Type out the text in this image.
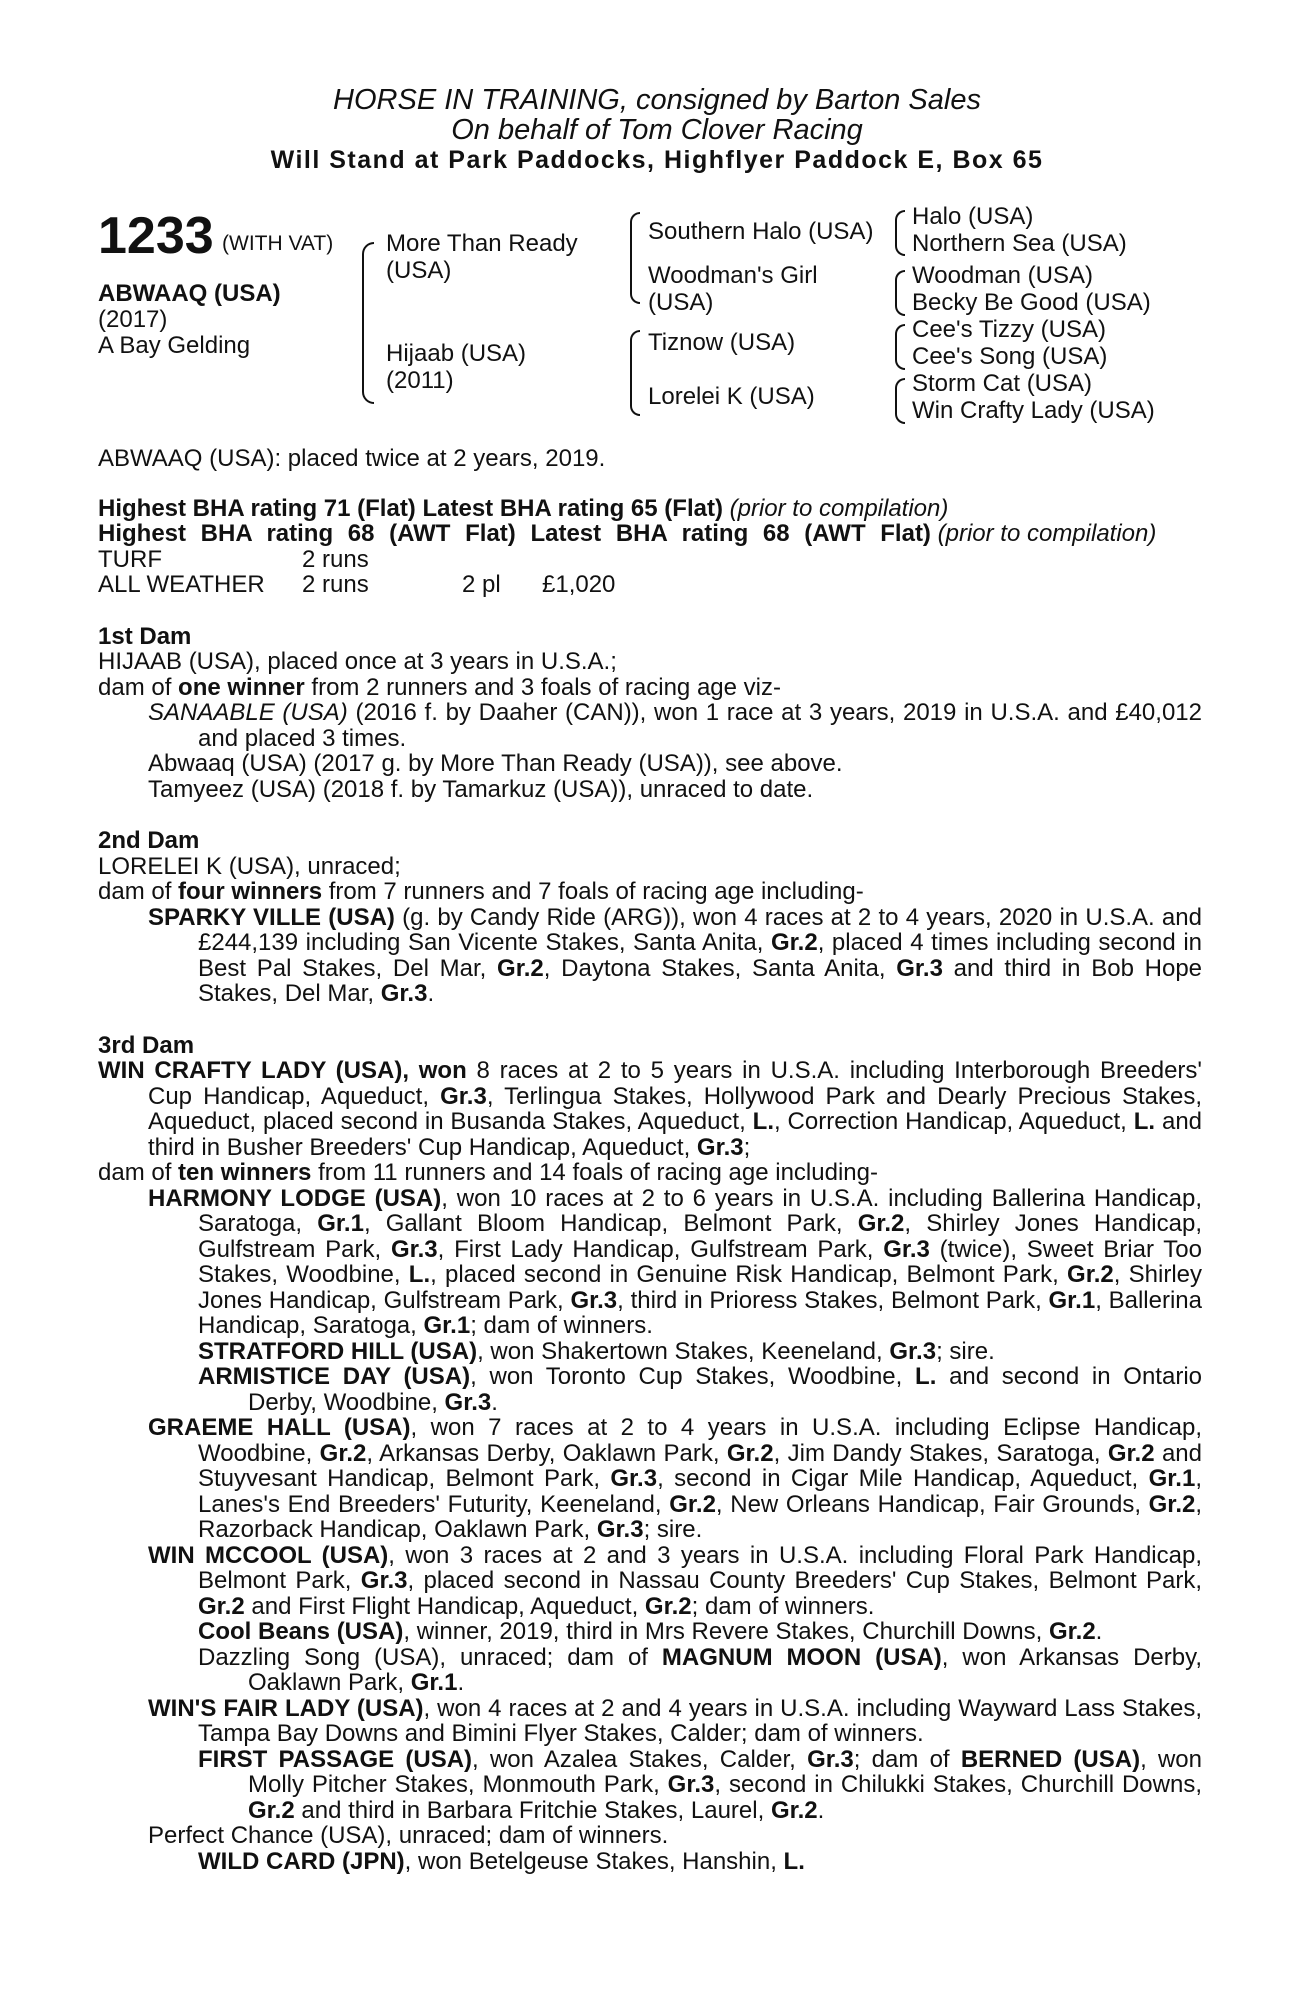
HORSE IN TRAINING, consigned by Barton Sales
On behalf of Tom Clover Racing
Will Stand at Park Paddocks, Highflyer Paddock E, Box 65
1233 (WITH VAT)
ABWAAQ (USA)
(2017)
A Bay Gelding
More Than Ready
(USA)
Hijaab (USA)
(2011)
Southern Halo (USA)
Woodman's Girl
(USA)
Tiznow (USA)
Lorelei K (USA)
Halo (USA)
Northern Sea (USA)
Woodman (USA)
Becky Be Good (USA)
Cee's Tizzy (USA)
Cee's Song (USA)
Storm Cat (USA)
Win Crafty Lady (USA)

ABWAAQ (USA): placed twice at 2 years, 2019.

Highest BHA rating 71 (Flat) Latest BHA rating 65 (Flat) (prior to compilation)

Highest BHA rating 68 (AWT Flat) Latest BHA rating 68 (AWT Flat) (prior to compilation)

TURF	2 runs
ALL WEATHER	2 runs	2 pl	£1,020

1st Dam

HIJAAB (USA), placed once at 3 years in U.S.A.;

dam of one winner from 2 runners and 3 foals of racing age viz-

SANAABLE (USA) (2016 f. by Daaher (CAN)), won 1 race at 3 years, 2019 in U.S.A. and £40,012 and placed 3 times.

Abwaaq (USA) (2017 g. by More Than Ready (USA)), see above.

Tamyeez (USA) (2018 f. by Tamarkuz (USA)), unraced to date.

2nd Dam

LORELEI K (USA), unraced;

dam of four winners from 7 runners and 7 foals of racing age including-

SPARKY VILLE (USA) (g. by Candy Ride (ARG)), won 4 races at 2 to 4 years, 2020 in U.S.A. and £244,139 including San Vicente Stakes, Santa Anita, Gr.2, placed 4 times including second in Best Pal Stakes, Del Mar, Gr.2, Daytona Stakes, Santa Anita, Gr.3 and third in Bob Hope Stakes, Del Mar, Gr.3.

3rd Dam

WIN CRAFTY LADY (USA), won 8 races at 2 to 5 years in U.S.A. including Interborough Breeders' Cup Handicap, Aqueduct, Gr.3, Terlingua Stakes, Hollywood Park and Dearly Precious Stakes, Aqueduct, placed second in Busanda Stakes, Aqueduct, L., Correction Handicap, Aqueduct, L. and third in Busher Breeders' Cup Handicap, Aqueduct, Gr.3;

dam of ten winners from 11 runners and 14 foals of racing age including-

HARMONY LODGE (USA), won 10 races at 2 to 6 years in U.S.A. including Ballerina Handicap, Saratoga, Gr.1, Gallant Bloom Handicap, Belmont Park, Gr.2, Shirley Jones Handicap, Gulfstream Park, Gr.3, First Lady Handicap, Gulfstream Park, Gr.3 (twice), Sweet Briar Too Stakes, Woodbine, L., placed second in Genuine Risk Handicap, Belmont Park, Gr.2, Shirley Jones Handicap, Gulfstream Park, Gr.3, third in Prioress Stakes, Belmont Park, Gr.1, Ballerina Handicap, Saratoga, Gr.1; dam of winners.

STRATFORD HILL (USA), won Shakertown Stakes, Keeneland, Gr.3; sire.

ARMISTICE DAY (USA), won Toronto Cup Stakes, Woodbine, L. and second in Ontario Derby, Woodbine, Gr.3.

GRAEME HALL (USA), won 7 races at 2 to 4 years in U.S.A. including Eclipse Handicap, Woodbine, Gr.2, Arkansas Derby, Oaklawn Park, Gr.2, Jim Dandy Stakes, Saratoga, Gr.2 and Stuyvesant Handicap, Belmont Park, Gr.3, second in Cigar Mile Handicap, Aqueduct, Gr.1, Lanes's End Breeders' Futurity, Keeneland, Gr.2, New Orleans Handicap, Fair Grounds, Gr.2, Razorback Handicap, Oaklawn Park, Gr.3; sire.

WIN MCCOOL (USA), won 3 races at 2 and 3 years in U.S.A. including Floral Park Handicap, Belmont Park, Gr.3, placed second in Nassau County Breeders' Cup Stakes, Belmont Park, Gr.2 and First Flight Handicap, Aqueduct, Gr.2; dam of winners.

Cool Beans (USA), winner, 2019, third in Mrs Revere Stakes, Churchill Downs, Gr.2.

Dazzling Song (USA), unraced; dam of MAGNUM MOON (USA), won Arkansas Derby, Oaklawn Park, Gr.1.

WIN'S FAIR LADY (USA), won 4 races at 2 and 4 years in U.S.A. including Wayward Lass Stakes, Tampa Bay Downs and Bimini Flyer Stakes, Calder; dam of winners.

FIRST PASSAGE (USA), won Azalea Stakes, Calder, Gr.3; dam of BERNED (USA), won Molly Pitcher Stakes, Monmouth Park, Gr.3, second in Chilukki Stakes, Churchill Downs, Gr.2 and third in Barbara Fritchie Stakes, Laurel, Gr.2.

Perfect Chance (USA), unraced; dam of winners.

WILD CARD (JPN), won Betelgeuse Stakes, Hanshin, L.
